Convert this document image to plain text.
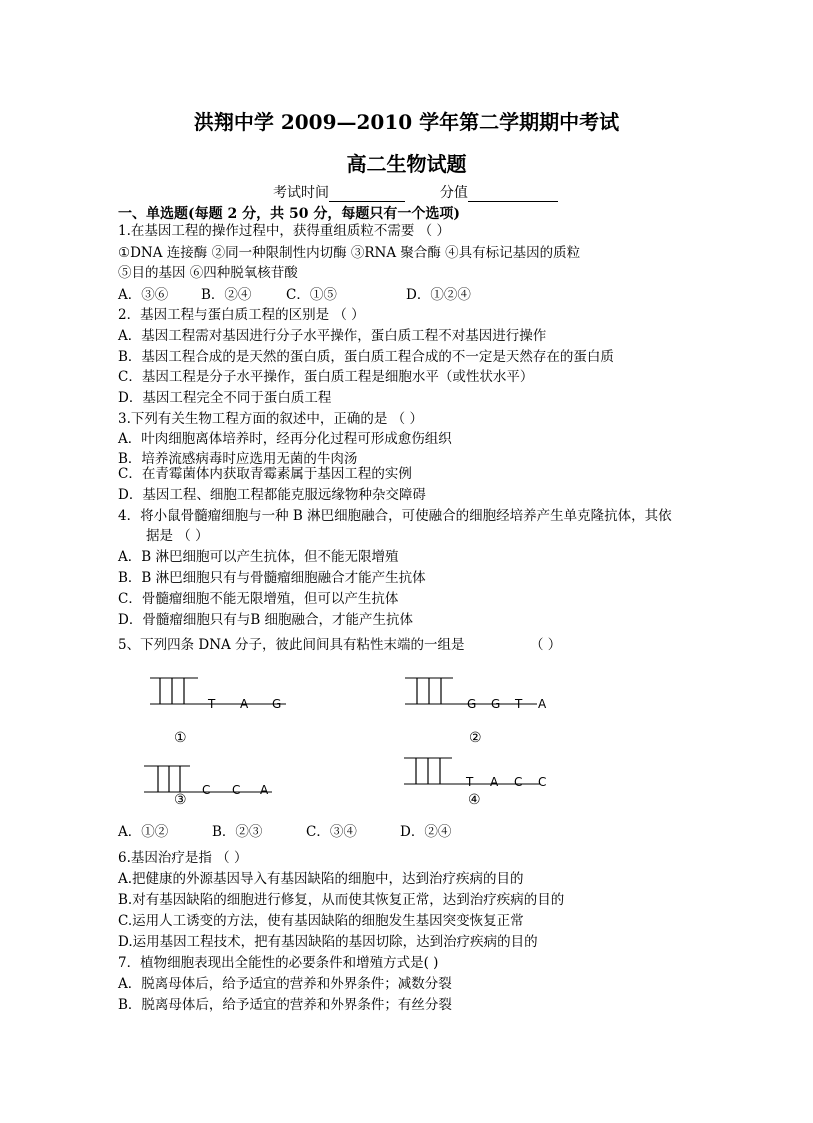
洪翔中学 2009—2010 学年第二学期期中考试
高二生物试题
考试时间	分值
一、单选题(每题 2 分，共 50 分，每题只有一个选项)
1.在基因工程的操作过程中，获得重组质粒不需要 （ ）
①DNA 连接酶 ②同一种限制性内切酶 ③RNA 聚合酶 ④具有标记基因的质粒
⑤目的基因 ⑥四种脱氧核苷酸
A．③⑥ B．②④	C．①⑤	D．①②④
2．基因工程与蛋白质工程的区别是 （ ）
A．基因工程需对基因进行分子水平操作，蛋白质工程不对基因进行操作
B．基因工程合成的是天然的蛋白质，蛋白质工程合成的不一定是天然存在的蛋白质
C．基因工程是分子水平操作，蛋白质工程是细胞水平（或性状水平）
D．基因工程完全不同于蛋白质工程
3.下列有关生物工程方面的叙述中，正确的是 （ ）
A．叶肉细胞离体培养时，经再分化过程可形成愈伤组织
B．培养流感病毒时应选用无菌的牛肉汤
C．在青霉菌体内获取青霉素属于基因工程的实例
D．基因工程、细胞工程都能克服远缘物种杂交障碍
4．将小鼠骨髓瘤细胞与一种 B 淋巴细胞融合，可使融合的细胞经培养产生单克隆抗体，其依
据是 （ ）
A．B 淋巴细胞可以产生抗体，但不能无限增殖
B．B 淋巴细胞只有与骨髓瘤细胞融合才能产生抗体
C．骨髓瘤细胞不能无限增殖，但可以产生抗体
D．骨髓瘤细胞只有与B 细胞融合，才能产生抗体
5、下列四条 DNA 分子，彼此间间具有粘性末端的一组是	（ ）
T A G
①
G G T A
②
C C A
③
T A C C
④
A．①②	B．②③	C．③④	D．②④
6.基因治疗是指 （ ）
A.把健康的外源基因导入有基因缺陷的细胞中，达到治疗疾病的目的
B.对有基因缺陷的细胞进行修复，从而使其恢复正常，达到治疗疾病的目的
C.运用人工诱变的方法，使有基因缺陷的细胞发生基因突变恢复正常
D.运用基因工程技术，把有基因缺陷的基因切除，达到治疗疾病的目的
7．植物细胞表现出全能性的必要条件和增殖方式是( )
A．脱离母体后，给予适宜的营养和外界条件；减数分裂
B．脱离母体后，给予适宜的营养和外界条件；有丝分裂
